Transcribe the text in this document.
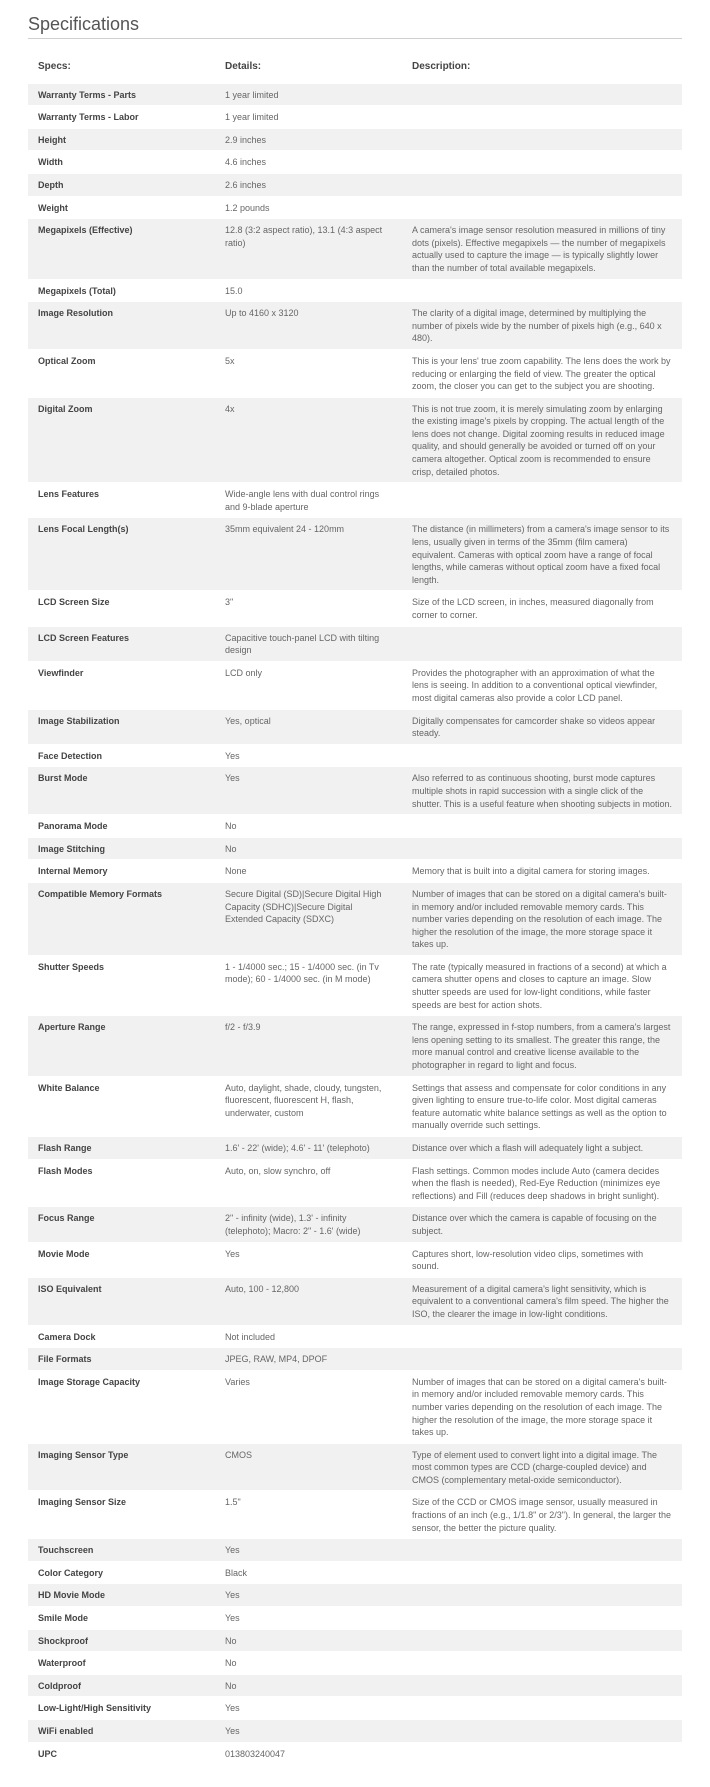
Specifications
Specs:	Details:	Description:
Warranty Terms - Parts	1 year limited	
Warranty Terms - Labor	1 year limited	
Height	2.9 inches	
Width	4.6 inches	
Depth	2.6 inches	
Weight	1.2 pounds	
Megapixels (Effective)	12.8 (3:2 aspect ratio), 13.1 (4:3 aspect ratio)	A camera's image sensor resolution measured in millions of tiny dots (pixels). Effective megapixels — the number of megapixels actually used to capture the image — is typically slightly lower than the number of total available megapixels.
Megapixels (Total)	15.0	
Image Resolution	Up to 4160 x 3120	The clarity of a digital image, determined by multiplying the number of pixels wide by the number of pixels high (e.g., 640 x 480).
Optical Zoom	5x	This is your lens' true zoom capability. The lens does the work by reducing or enlarging the field of view. The greater the optical zoom, the closer you can get to the subject you are shooting.
Digital Zoom	4x	This is not true zoom, it is merely simulating zoom by enlarging the existing image's pixels by cropping. The actual length of the lens does not change. Digital zooming results in reduced image quality, and should generally be avoided or turned off on your camera altogether. Optical zoom is recommended to ensure crisp, detailed photos.
Lens Features	Wide-angle lens with dual control rings and 9-blade aperture	
Lens Focal Length(s)	35mm equivalent 24 - 120mm	The distance (in millimeters) from a camera's image sensor to its lens, usually given in terms of the 35mm (film camera) equivalent. Cameras with optical zoom have a range of focal lengths, while cameras without optical zoom have a fixed focal length.
LCD Screen Size	3"	Size of the LCD screen, in inches, measured diagonally from corner to corner.
LCD Screen Features	Capacitive touch-panel LCD with tilting design	
Viewfinder	LCD only	Provides the photographer with an approximation of what the lens is seeing. In addition to a conventional optical viewfinder, most digital cameras also provide a color LCD panel.
Image Stabilization	Yes, optical	Digitally compensates for camcorder shake so videos appear steady.
Face Detection	Yes	
Burst Mode	Yes	Also referred to as continuous shooting, burst mode captures multiple shots in rapid succession with a single click of the shutter. This is a useful feature when shooting subjects in motion.
Panorama Mode	No	
Image Stitching	No	
Internal Memory	None	Memory that is built into a digital camera for storing images.
Compatible Memory Formats	Secure Digital (SD)|Secure Digital High Capacity (SDHC)|Secure Digital Extended Capacity (SDXC)	Number of images that can be stored on a digital camera's built-in memory and/or included removable memory cards. This number varies depending on the resolution of each image. The higher the resolution of the image, the more storage space it takes up.
Shutter Speeds	1 - 1/4000 sec.; 15 - 1/4000 sec. (in Tv mode); 60 - 1/4000 sec. (in M mode)	The rate (typically measured in fractions of a second) at which a camera shutter opens and closes to capture an image. Slow shutter speeds are used for low-light conditions, while faster speeds are best for action shots.
Aperture Range	f/2 - f/3.9	The range, expressed in f-stop numbers, from a camera's largest lens opening setting to its smallest. The greater this range, the more manual control and creative license available to the photographer in regard to light and focus.
White Balance	Auto, daylight, shade, cloudy, tungsten, fluorescent, fluorescent H, flash, underwater, custom	Settings that assess and compensate for color conditions in any given lighting to ensure true-to-life color. Most digital cameras feature automatic white balance settings as well as the option to manually override such settings.
Flash Range	1.6' - 22' (wide); 4.6' - 11' (telephoto)	Distance over which a flash will adequately light a subject.
Flash Modes	Auto, on, slow synchro, off	Flash settings. Common modes include Auto (camera decides when the flash is needed), Red-Eye Reduction (minimizes eye reflections) and Fill (reduces deep shadows in bright sunlight).
Focus Range	2" - infinity (wide), 1.3' - infinity (telephoto); Macro: 2" - 1.6' (wide)	Distance over which the camera is capable of focusing on the subject.
Movie Mode	Yes	Captures short, low-resolution video clips, sometimes with sound.
ISO Equivalent	Auto, 100 - 12,800	Measurement of a digital camera's light sensitivity, which is equivalent to a conventional camera's film speed. The higher the ISO, the clearer the image in low-light conditions.
Camera Dock	Not included	
File Formats	JPEG, RAW, MP4, DPOF	
Image Storage Capacity	Varies	Number of images that can be stored on a digital camera's built-in memory and/or included removable memory cards. This number varies depending on the resolution of each image. The higher the resolution of the image, the more storage space it takes up.
Imaging Sensor Type	CMOS	Type of element used to convert light into a digital image. The most common types are CCD (charge-coupled device) and CMOS (complementary metal-oxide semiconductor).
Imaging Sensor Size	1.5"	Size of the CCD or CMOS image sensor, usually measured in fractions of an inch (e.g., 1/1.8" or 2/3"). In general, the larger the sensor, the better the picture quality.
Touchscreen	Yes	
Color Category	Black	
HD Movie Mode	Yes	
Smile Mode	Yes	
Shockproof	No	
Waterproof	No	
Coldproof	No	
Low-Light/High Sensitivity	Yes	
WiFi enabled	Yes	
UPC	013803240047	
